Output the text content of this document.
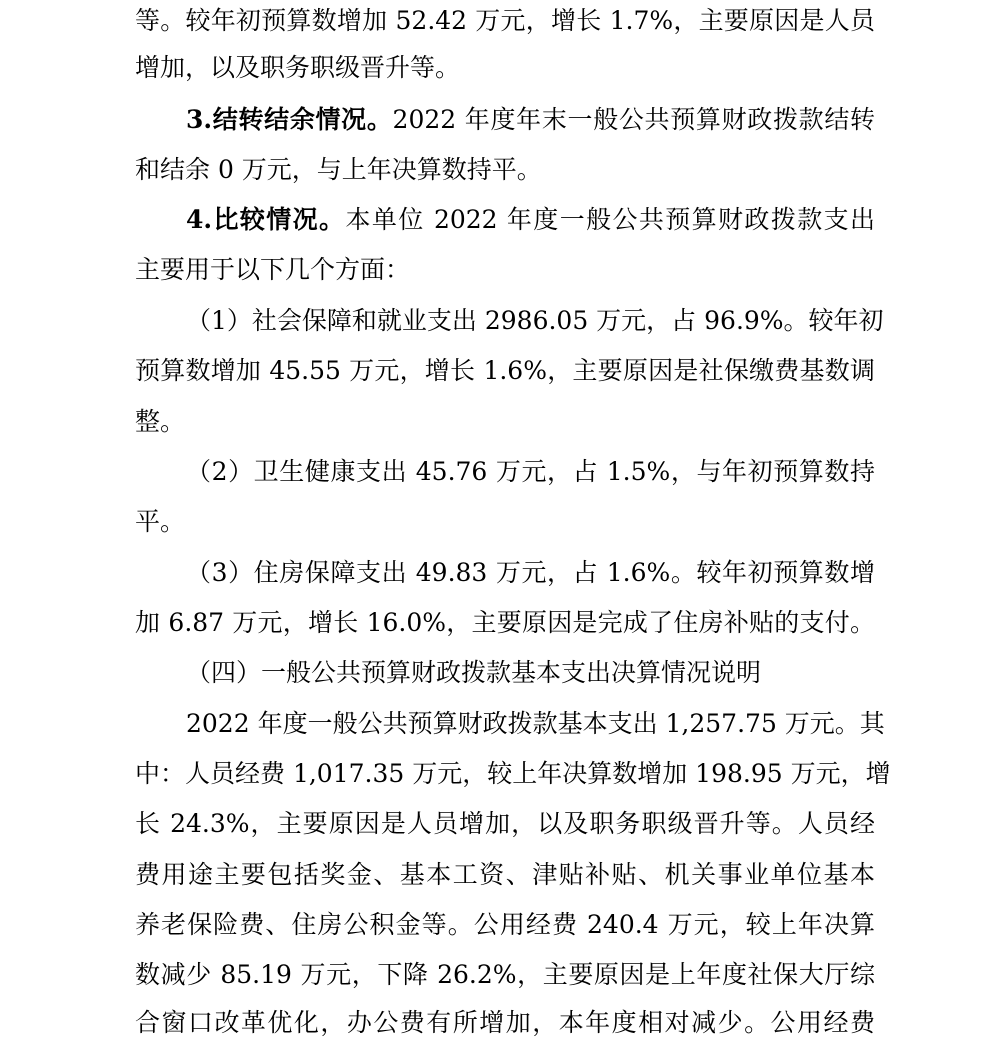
等。较年初预算数增加 52.42 万元，增长 1.7%，主要原因是人员
增加，以及职务职级晋升等。
3.结转结余情况。2022 年度年末一般公共预算财政拨款结转
和结余 0 万元，与上年决算数持平。
4.比较情况。本单位 2022 年度一般公共预算财政拨款支出
主要用于以下几个方面：
（1）社会保障和就业支出 2986.05 万元，占 96.9%。较年初
预算数增加 45.55 万元，增长 1.6%，主要原因是社保缴费基数调
整。
（2）卫生健康支出 45.76 万元，占 1.5%，与年初预算数持
平。
（3）住房保障支出 49.83 万元，占 1.6%。较年初预算数增
加 6.87 万元，增长 16.0%，主要原因是完成了住房补贴的支付。
（四）一般公共预算财政拨款基本支出决算情况说明
2022 年度一般公共预算财政拨款基本支出 1,257.75 万元。其
中：人员经费 1,017.35 万元，较上年决算数增加 198.95 万元，增
长 24.3%，主要原因是人员增加，以及职务职级晋升等。人员经
费用途主要包括奖金、基本工资、津贴补贴、机关事业单位基本
养老保险费、住房公积金等。公用经费 240.4 万元，较上年决算
数减少 85.19 万元，下降 26.2%，主要原因是上年度社保大厅综
合窗口改革优化，办公费有所增加，本年度相对减少。公用经费
